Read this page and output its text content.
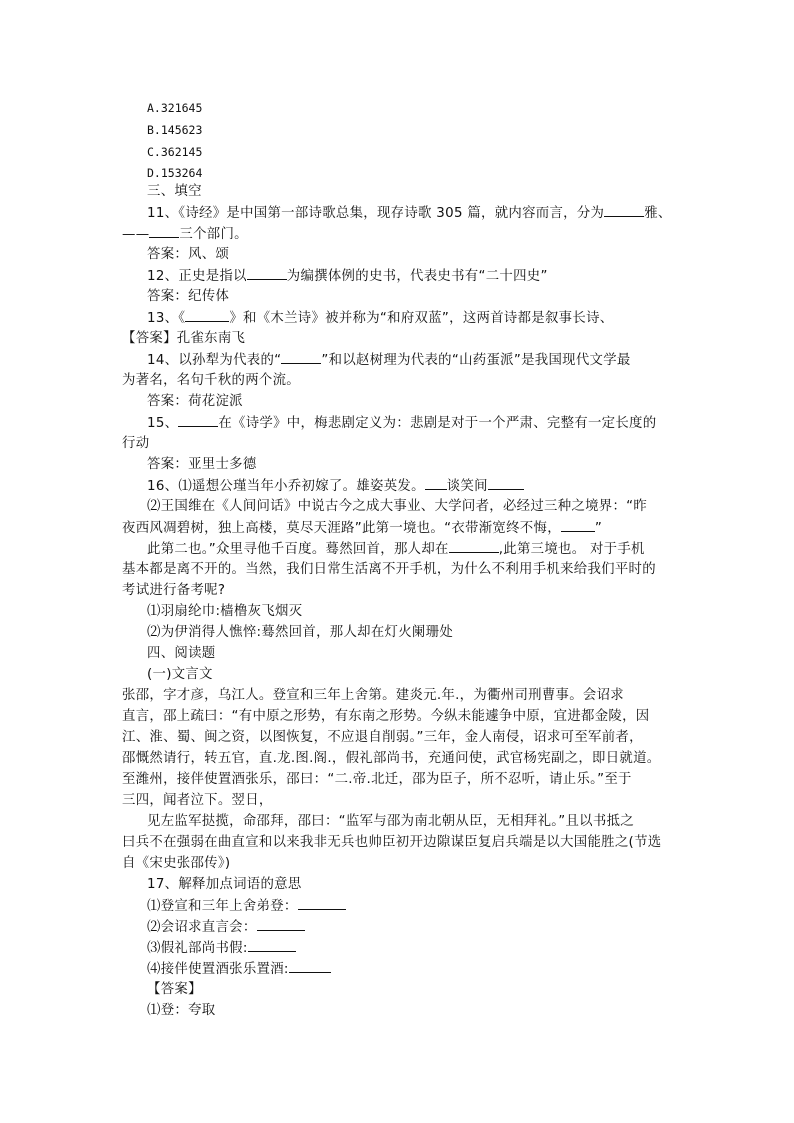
A.321645
B.145623
C.362145
D.153264
三、填空
11、《诗经》是中国第一部诗歌总集，现存诗歌 305 篇，就内容而言，分为	雅、
—— 三个部门。
答案：风、颂
12、正史是指以	为编撰体例的史书，代表史书有“二十四史”
答案：纪传体
13、《	》和《木兰诗》被并称为“和府双蓝”，这两首诗都是叙事长诗、
【答案】孔雀东南飞
14、以孙犁为代表的“	”和以赵树理为代表的“山药蛋派”是我国现代文学最
为著名，名句千秋的两个流。
答案：荷花淀派
15、	在《诗学》中，梅悲剧定义为：悲剧是对于一个严肃、完整有一定长度的
行动
答案：亚里士多德
16、⑴遥想公瑾当年小乔初嫁了。雄姿英发。 谈笑间
⑵王国维在《人间问话》中说古今之成大事业、大学问者，必经过三种之境界：“昨
夜西风凋碧树，独上高楼，莫尽天涯路”此第一境也。“衣带渐宽终不悔，	”
此第二也。”众里寻他千百度。蓦然回首，那人却在	,此第三境也。 对于手机
基本都是离不开的。当然，我们日常生活离不开手机，为什么不利用手机来给我们平时的
考试进行备考呢?
⑴羽扇纶巾:樯橹灰飞烟灭
⑵为伊消得人憔悴:蓦然回首，那人却在灯火阑珊处
四、阅读题
(一)文言文
张邵，字才彦，乌江人。登宣和三年上舍第。建炎元.年.，为衢州司刑曹事。会诏求
直言，邵上疏曰：“有中原之形势，有东南之形势。今纵未能遽争中原，宜进都金陵，因
江、淮、蜀、闽之资，以图恢复，不应退自削弱。”三年，金人南侵，诏求可至军前者，
邵慨然请行，转五官，直.龙.图.阁.，假礼部尚书，充通问使，武官杨宪副之，即日就道。
至潍州，接伴使置酒张乐，邵曰：“二.帝.北迁，邵为臣子，所不忍听，请止乐。”至于
三四，闻者泣下。翌日，
见左监军挞揽，命邵拜，邵曰：“监军与邵为南北朝从臣，无相拜礼。”且以书抵之
曰兵不在强弱在曲直宣和以来我非无兵也帅臣初开边隙谋臣复启兵端是以大国能胜之(节选
自《宋史张邵传》)
17、解释加点词语的意思
⑴登宣和三年上舍弟登：
⑵会诏求直言会：
⑶假礼部尚书假:
⑷接伴使置酒张乐置酒:
【答案】
⑴登：夸取
